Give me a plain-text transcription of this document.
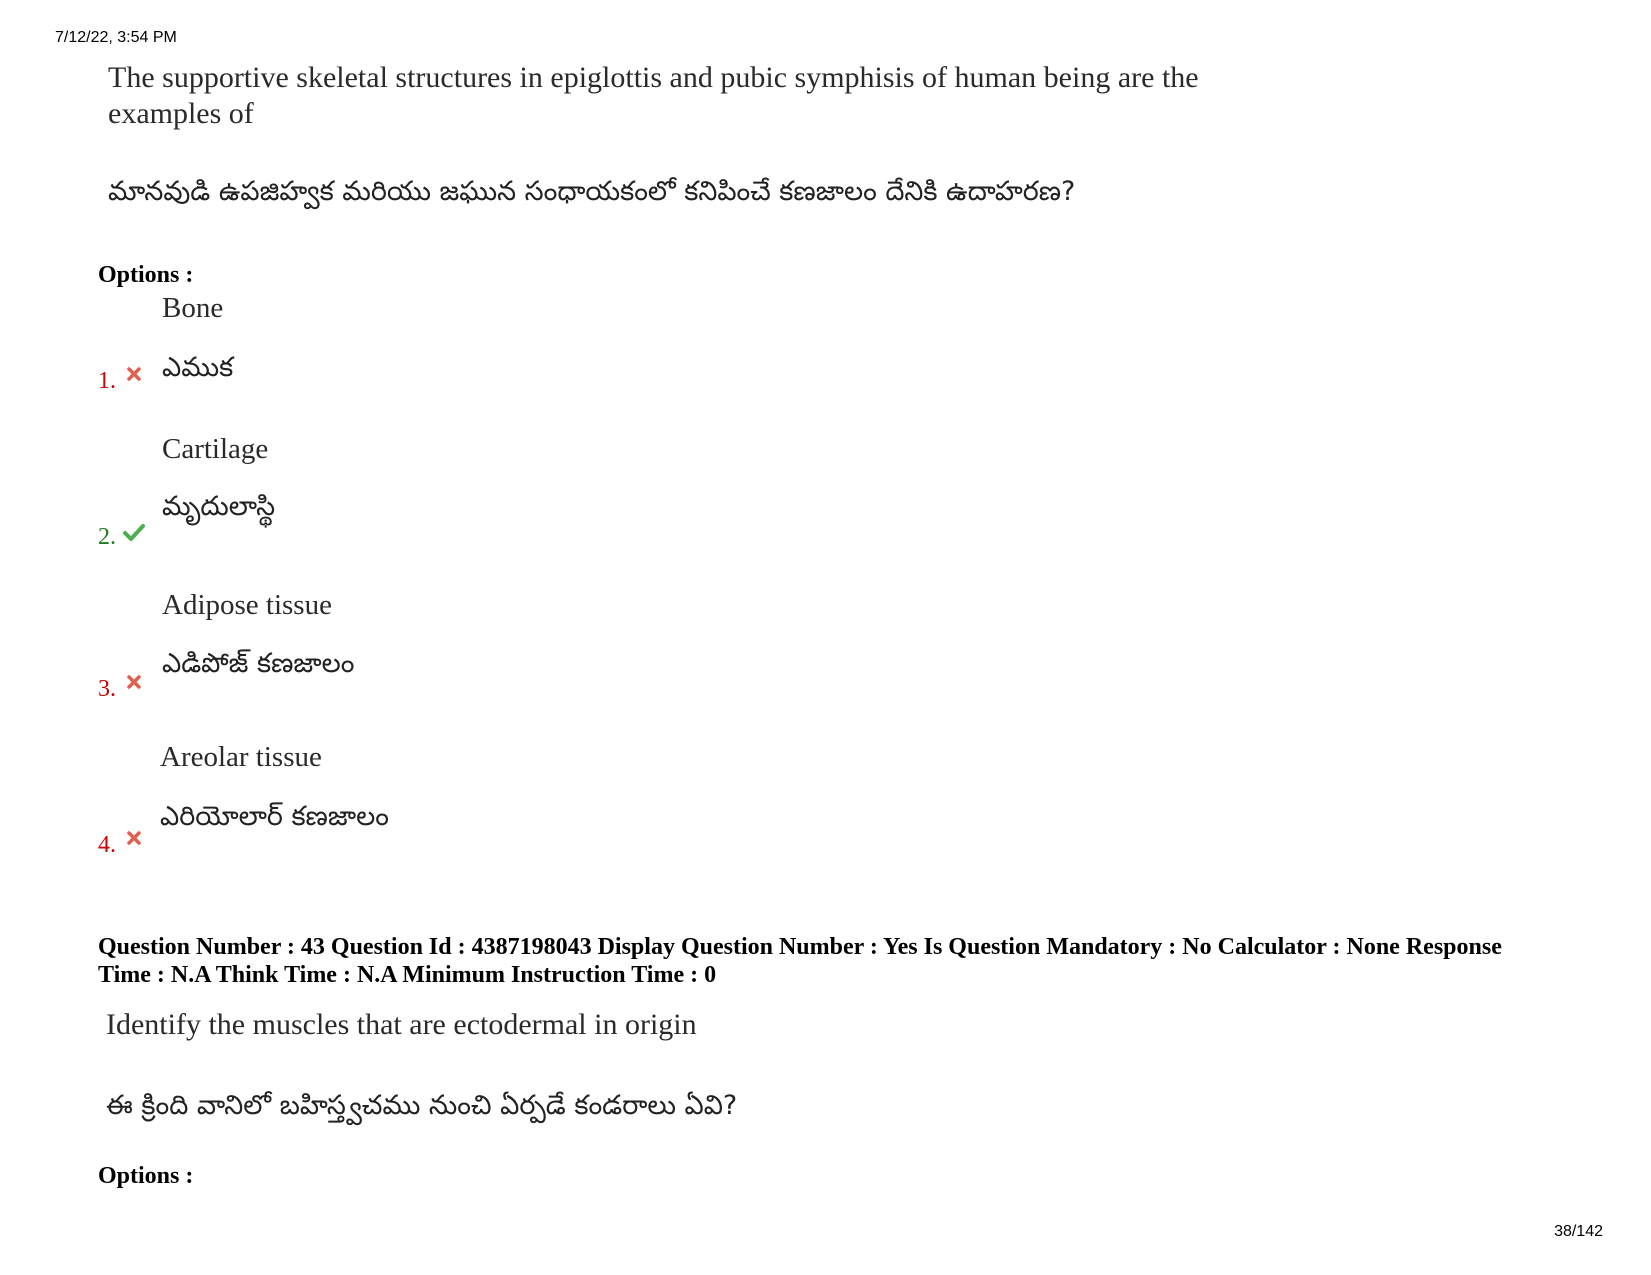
7/12/22, 3:54 PM
The supportive skeletal structures in epiglottis and pubic symphisis of human being are the examples of
మానవుడి ఉపజిహ్వక మరియు జఘున సంధాయకంలో కనిపించే కణజాలం దేనికి ఉదాహరణ?
Options :
Bone
ఎముక
1.
Cartilage
మృదులాస్థి
2.
Adipose tissue
ఎడిపోజ్ కణజాలం
3.
Areolar tissue
ఎరియోలార్ కణజాలం
4.
Question Number : 43 Question Id : 4387198043 Display Question Number : Yes Is Question Mandatory : No Calculator : None Response
Time : N.A Think Time : N.A Minimum Instruction Time : 0
Identify the muscles that are ectodermal in origin
ఈ క్రింది వానిలో బహిస్త్వచము నుంచి ఏర్పడే కండరాలు ఏవి?
Options :
38/142
